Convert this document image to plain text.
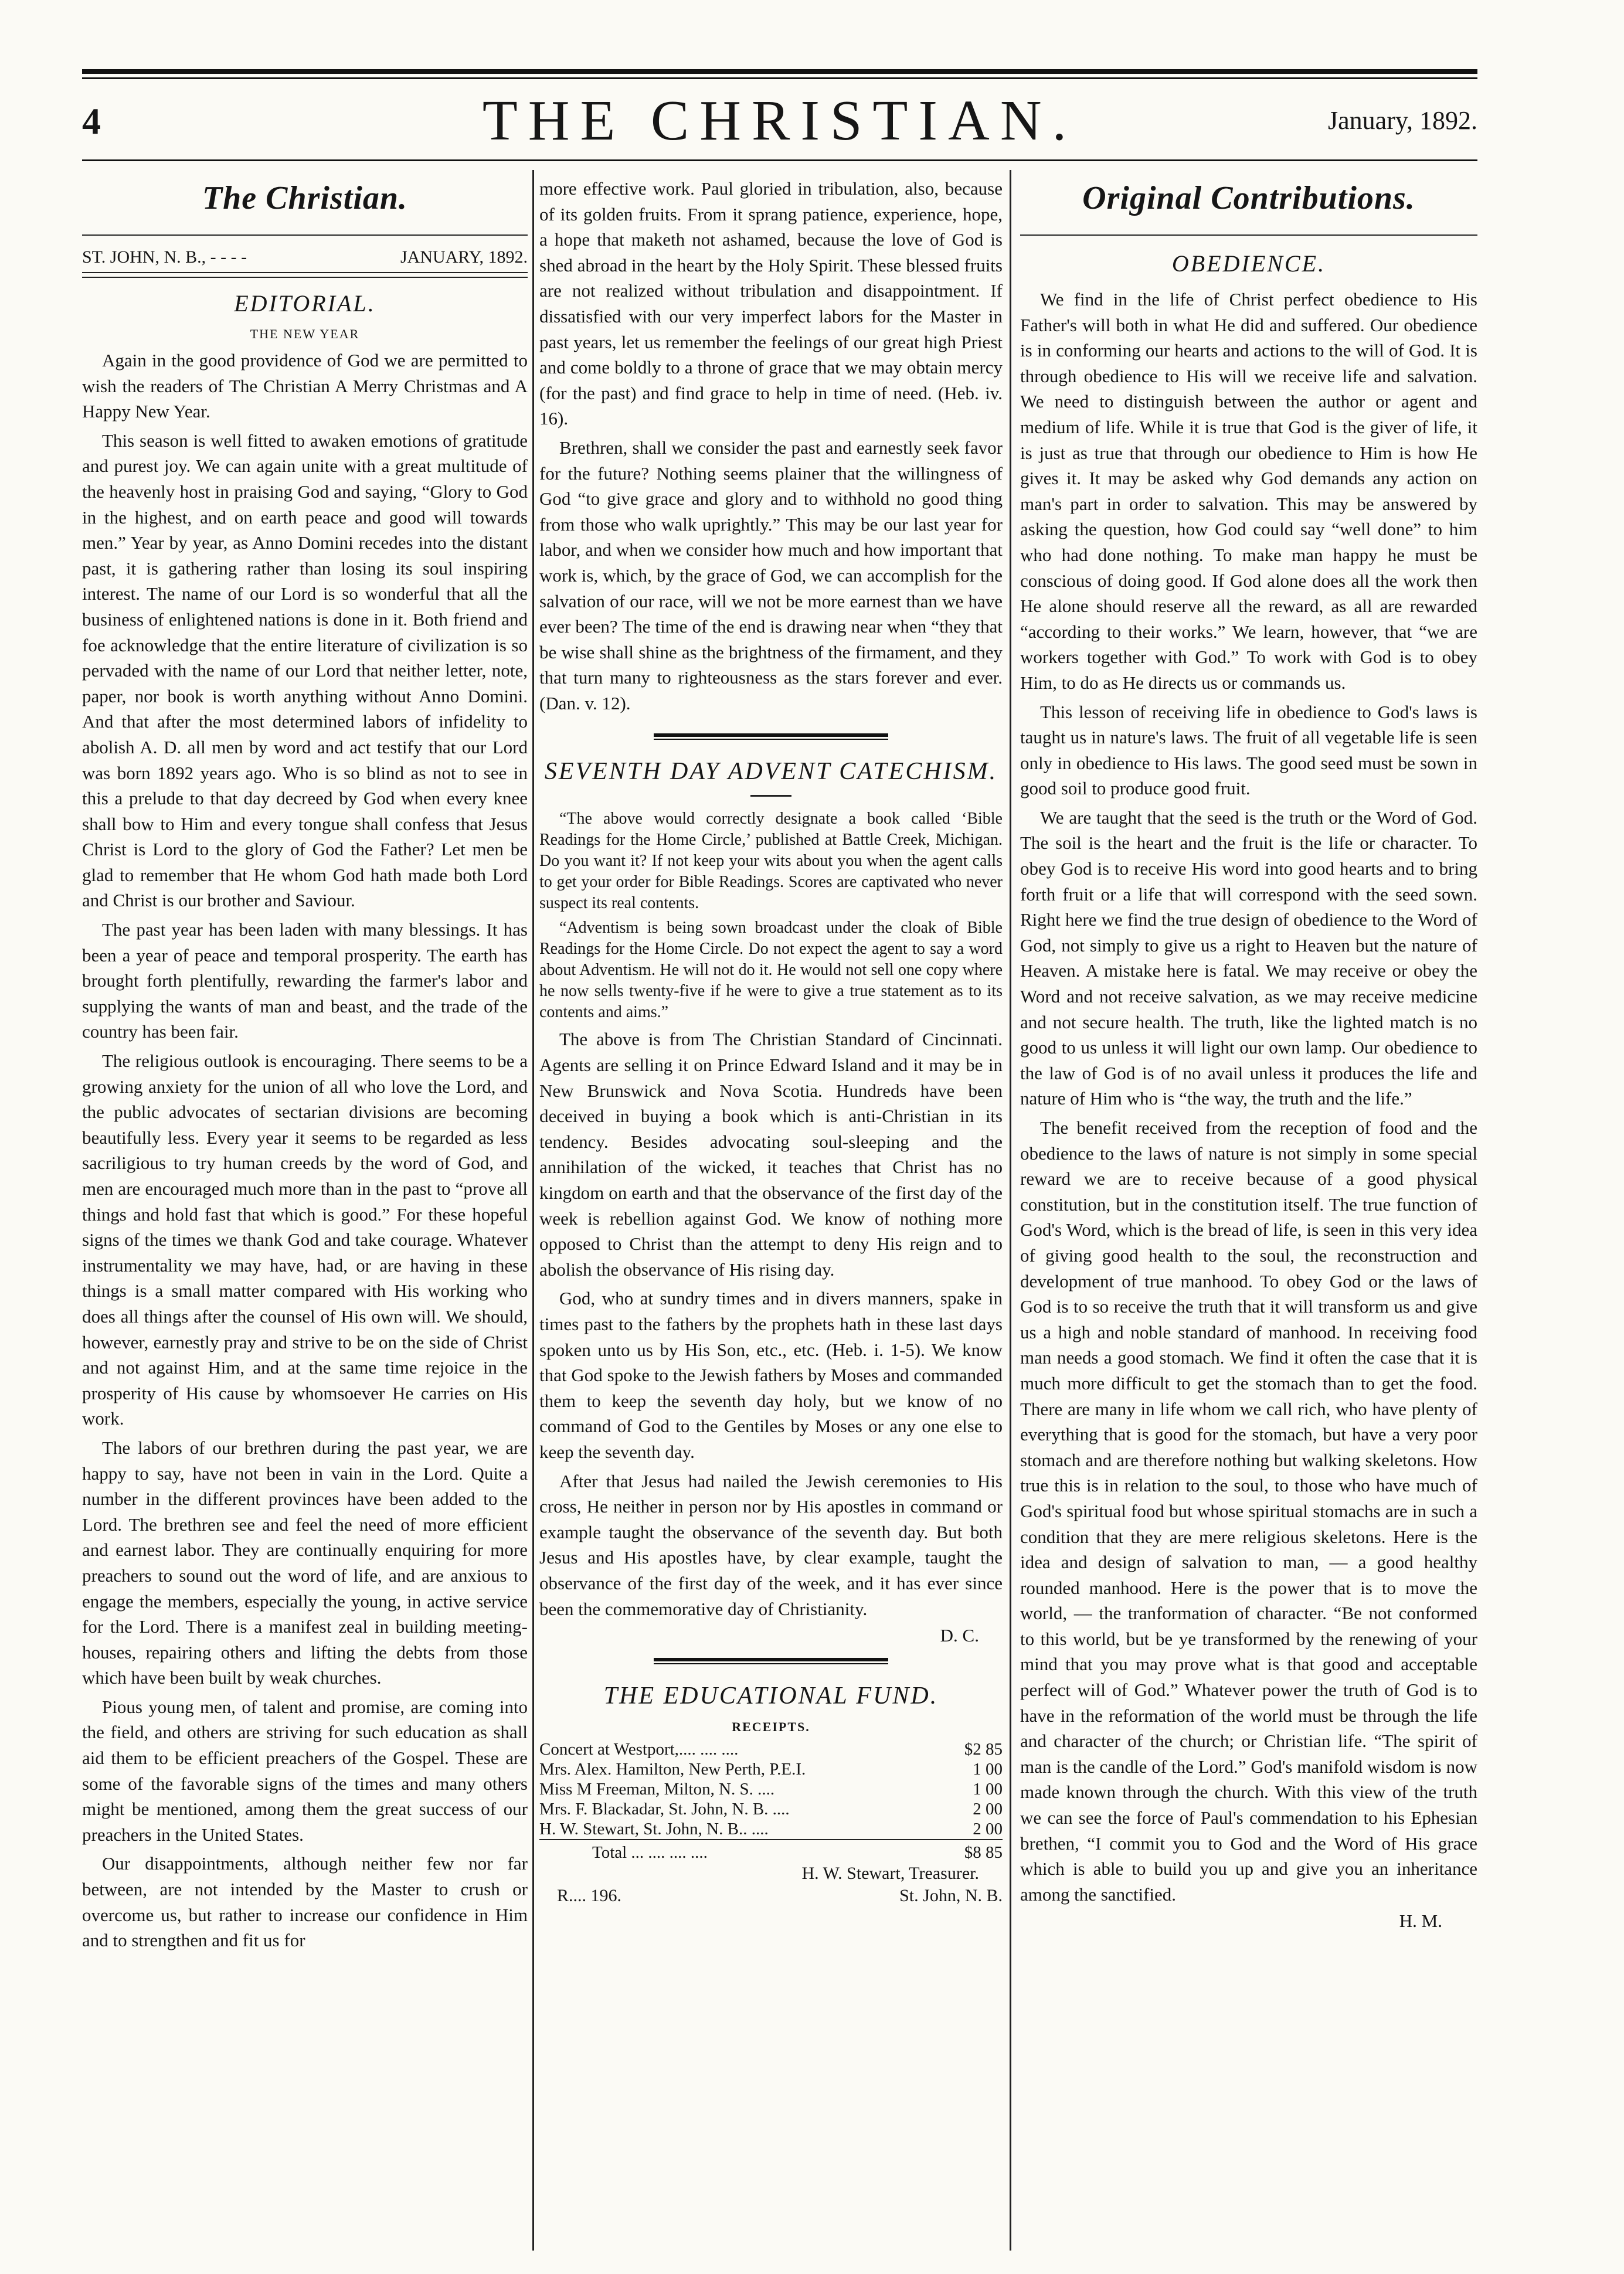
4	THE CHRISTIAN.	January, 1892.
The Christian.
ST. JOHN, N. B., - - - -	JANUARY, 1892.
EDITORIAL.
THE NEW YEAR

Again in the good providence of God we are permitted to wish the readers of The Christian A Merry Christmas and A Happy New Year.

This season is well fitted to awaken emotions of gratitude and purest joy. We can again unite with a great multitude of the heavenly host in praising God and saying, “Glory to God in the highest, and on earth peace and good will towards men.” Year by year, as Anno Domini recedes into the distant past, it is gathering rather than losing its soul inspiring interest. The name of our Lord is so wonderful that all the business of enlightened nations is done in it. Both friend and foe acknowledge that the entire literature of civilization is so pervaded with the name of our Lord that neither letter, note, paper, nor book is worth anything without Anno Domini. And that after the most determined labors of infidelity to abolish A. D. all men by word and act testify that our Lord was born 1892 years ago. Who is so blind as not to see in this a prelude to that day decreed by God when every knee shall bow to Him and every tongue shall confess that Jesus Christ is Lord to the glory of God the Father? Let men be glad to remember that He whom God hath made both Lord and Christ is our brother and Saviour.

The past year has been laden with many blessings. It has been a year of peace and temporal prosperity. The earth has brought forth plentifully, rewarding the farmer's labor and supplying the wants of man and beast, and the trade of the country has been fair.

The religious outlook is encouraging. There seems to be a growing anxiety for the union of all who love the Lord, and the public advocates of sectarian divisions are becoming beautifully less. Every year it seems to be regarded as less sacriligious to try human creeds by the word of God, and men are encouraged much more than in the past to “prove all things and hold fast that which is good.” For these hopeful signs of the times we thank God and take courage. Whatever instrumentality we may have, had, or are having in these things is a small matter compared with His working who does all things after the counsel of His own will. We should, however, earnestly pray and strive to be on the side of Christ and not against Him, and at the same time rejoice in the prosperity of His cause by whomsoever He carries on His work.

The labors of our brethren during the past year, we are happy to say, have not been in vain in the Lord. Quite a number in the different provinces have been added to the Lord. The brethren see and feel the need of more efficient and earnest labor. They are continually enquiring for more preachers to sound out the word of life, and are anxious to engage the members, especially the young, in active service for the Lord. There is a manifest zeal in building meeting-houses, repairing others and lifting the debts from those which have been built by weak churches.

Pious young men, of talent and promise, are coming into the field, and others are striving for such education as shall aid them to be efficient preachers of the Gospel. These are some of the favorable signs of the times and many others might be mentioned, among them the great success of our preachers in the United States.

Our disappointments, although neither few nor far between, are not intended by the Master to crush or overcome us, but rather to increase our confidence in Him and to strengthen and fit us for

more effective work. Paul gloried in tribulation, also, because of its golden fruits. From it sprang patience, experience, hope, a hope that maketh not ashamed, because the love of God is shed abroad in the heart by the Holy Spirit. These blessed fruits are not realized without tribulation and disappointment. If dissatisfied with our very imperfect labors for the Master in past years, let us remember the feelings of our great high Priest and come boldly to a throne of grace that we may obtain mercy (for the past) and find grace to help in time of need. (Heb. iv. 16).

Brethren, shall we consider the past and earnestly seek favor for the future? Nothing seems plainer that the willingness of God “to give grace and glory and to withhold no good thing from those who walk uprightly.” This may be our last year for labor, and when we consider how much and how important that work is, which, by the grace of God, we can accomplish for the salvation of our race, will we not be more earnest than we have ever been? The time of the end is drawing near when “they that be wise shall shine as the brightness of the firmament, and they that turn many to righteousness as the stars forever and ever. (Dan. v. 12).

SEVENTH DAY ADVENT CATECHISM.

“The above would correctly designate a book called ‘Bible Readings for the Home Circle,’ published at Battle Creek, Michigan. Do you want it? If not keep your wits about you when the agent calls to get your order for Bible Readings. Scores are captivated who never suspect its real contents.

“Adventism is being sown broadcast under the cloak of Bible Readings for the Home Circle. Do not expect the agent to say a word about Adventism. He will not do it. He would not sell one copy where he now sells twenty-five if he were to give a true statement as to its contents and aims.”

The above is from The Christian Standard of Cincinnati. Agents are selling it on Prince Edward Island and it may be in New Brunswick and Nova Scotia. Hundreds have been deceived in buying a book which is anti-Christian in its tendency. Besides advocating soul-sleeping and the annihilation of the wicked, it teaches that Christ has no kingdom on earth and that the observance of the first day of the week is rebellion against God. We know of nothing more opposed to Christ than the attempt to deny His reign and to abolish the observance of His rising day.

God, who at sundry times and in divers manners, spake in times past to the fathers by the prophets hath in these last days spoken unto us by His Son, etc., etc. (Heb. i. 1-5). We know that God spoke to the Jewish fathers by Moses and commanded them to keep the seventh day holy, but we know of no command of God to the Gentiles by Moses or any one else to keep the seventh day.

After that Jesus had nailed the Jewish ceremonies to His cross, He neither in person nor by His apostles in command or example taught the observance of the seventh day. But both Jesus and His apostles have, by clear example, taught the observance of the first day of the week, and it has ever since been the commemorative day of Christianity.

D. C.
THE EDUCATIONAL FUND.
RECEIPTS.
Concert at Westport,.... .... ....	$2 85
Mrs. Alex. Hamilton, New Perth, P.E.I.	1 00
Miss M Freeman, Milton, N. S. ....	1 00
Mrs. F. Blackadar, St. John, N. B. ....	2 00
H. W. Stewart, St. John, N. B.. ....	2 00
Total ... .... .... ....	$8 85
H. W. Stewart, Treasurer.
R.... 196.	St. John, N. B.
Original Contributions.
OBEDIENCE.

We find in the life of Christ perfect obedience to His Father's will both in what He did and suffered. Our obedience is in conforming our hearts and actions to the will of God. It is through obedience to His will we receive life and salvation. We need to distinguish between the author or agent and medium of life. While it is true that God is the giver of life, it is just as true that through our obedience to Him is how He gives it. It may be asked why God demands any action on man's part in order to salvation. This may be answered by asking the question, how God could say “well done” to him who had done nothing. To make man happy he must be conscious of doing good. If God alone does all the work then He alone should reserve all the reward, as all are rewarded “according to their works.” We learn, however, that “we are workers together with God.” To work with God is to obey Him, to do as He directs us or commands us.

This lesson of receiving life in obedience to God's laws is taught us in nature's laws. The fruit of all vegetable life is seen only in obedience to His laws. The good seed must be sown in good soil to produce good fruit.

We are taught that the seed is the truth or the Word of God. The soil is the heart and the fruit is the life or character. To obey God is to receive His word into good hearts and to bring forth fruit or a life that will correspond with the seed sown. Right here we find the true design of obedience to the Word of God, not simply to give us a right to Heaven but the nature of Heaven. A mistake here is fatal. We may receive or obey the Word and not receive salvation, as we may receive medicine and not secure health. The truth, like the lighted match is no good to us unless it will light our own lamp. Our obedience to the law of God is of no avail unless it produces the life and nature of Him who is “the way, the truth and the life.”

The benefit received from the reception of food and the obedience to the laws of nature is not simply in some special reward we are to receive because of a good physical constitution, but in the constitution itself. The true function of God's Word, which is the bread of life, is seen in this very idea of giving good health to the soul, the reconstruction and development of true manhood. To obey God or the laws of God is to so receive the truth that it will transform us and give us a high and noble standard of manhood. In receiving food man needs a good stomach. We find it often the case that it is much more difficult to get the stomach than to get the food. There are many in life whom we call rich, who have plenty of everything that is good for the stomach, but have a very poor stomach and are therefore nothing but walking skeletons. How true this is in relation to the soul, to those who have much of God's spiritual food but whose spiritual stomachs are in such a condition that they are mere religious skeletons. Here is the idea and design of salvation to man, — a good healthy rounded manhood. Here is the power that is to move the world, — the tranformation of character. “Be not conformed to this world, but be ye transformed by the renewing of your mind that you may prove what is that good and acceptable perfect will of God.” Whatever power the truth of God is to have in the reformation of the world must be through the life and character of the church; or Christian life. “The spirit of man is the candle of the Lord.” God's manifold wisdom is now made known through the church. With this view of the truth we can see the force of Paul's commendation to his Ephesian brethen, “I commit you to God and the Word of His grace which is able to build you up and give you an inheritance among the sanctified.

H. M.
